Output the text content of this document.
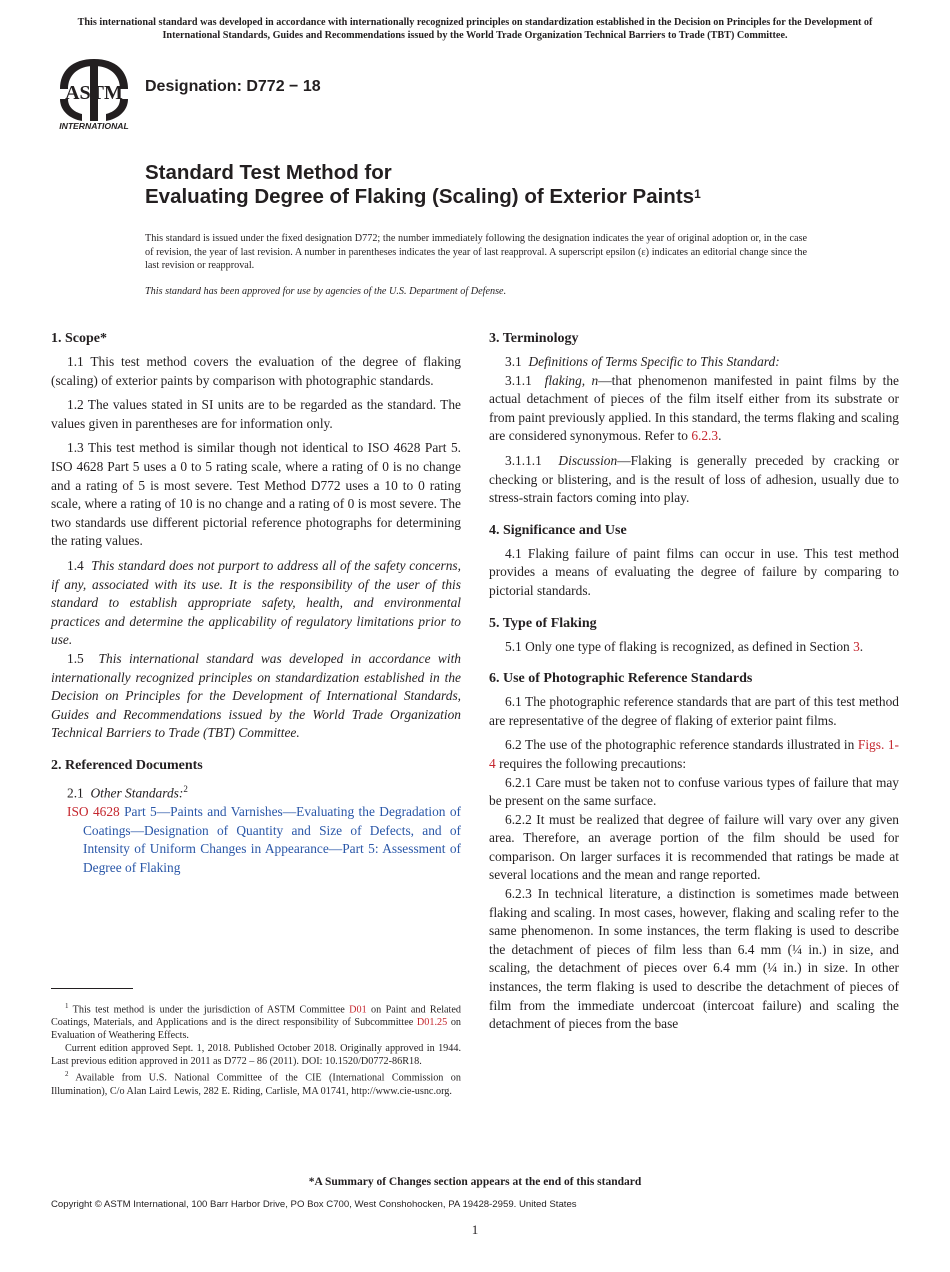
This international standard was developed in accordance with internationally recognized principles on standardization established in the Decision on Principles for the Development of International Standards, Guides and Recommendations issued by the World Trade Organization Technical Barriers to Trade (TBT) Committee.
ASTM
INTERNATIONAL
Designation: D772 − 18
Standard Test Method for
Evaluating Degree of Flaking (Scaling) of Exterior Paints$^1$
This standard is issued under the fixed designation D772; the number immediately following the designation indicates the year of original adoption or, in the case of revision, the year of last revision. A number in parentheses indicates the year of last reapproval. A superscript epsilon (ε) indicates an editorial change since the last revision or reapproval.
This standard has been approved for use by agencies of the U.S. Department of Defense.
1. Scope*

1.1 This test method covers the evaluation of the degree of flaking (scaling) of exterior paints by comparison with photographic standards.

1.2 The values stated in SI units are to be regarded as the standard. The values given in parentheses are for information only.

1.3 This test method is similar though not identical to ISO 4628 Part 5. ISO 4628 Part 5 uses a 0 to 5 rating scale, where a rating of 0 is no change and a rating of 5 is most severe. Test Method D772 uses a 10 to 0 rating scale, where a rating of 10 is no change and a rating of 0 is most severe. The two standards use different pictorial reference photographs for determining the rating values.

1.4 This standard does not purport to address all of the safety concerns, if any, associated with its use. It is the responsibility of the user of this standard to establish appropriate safety, health, and environmental practices and determine the applicability of regulatory limitations prior to use.

1.5 This international standard was developed in accordance with internationally recognized principles on standardization established in the Decision on Principles for the Development of International Standards, Guides and Recommendations issued by the World Trade Organization Technical Barriers to Trade (TBT) Committee.

2. Referenced Documents

2.1 Other Standards:$^2$

ISO 4628 Part 5—Paints and Varnishes—Evaluating the Degradation of Coatings—Designation of Quantity and Size of Defects, and of Intensity of Uniform Changes in Appearance—Part 5: Assessment of Degree of Flaking

$^1$ This test method is under the jurisdiction of ASTM Committee D01 on Paint and Related Coatings, Materials, and Applications and is the direct responsibility of Subcommittee D01.25 on Evaluation of Weathering Effects.

Current edition approved Sept. 1, 2018. Published October 2018. Originally approved in 1944. Last previous edition approved in 2011 as D772 – 86 (2011). DOI: 10.1520/D0772-86R18.

$^2$ Available from U.S. National Committee of the CIE (International Commission on Illumination), C/o Alan Laird Lewis, 282 E. Riding, Carlisle, MA 01741, http://www.cie-usnc.org.

3. Terminology

3.1 Definitions of Terms Specific to This Standard:

3.1.1 flaking, n—that phenomenon manifested in paint films by the actual detachment of pieces of the film itself either from its substrate or from paint previously applied. In this standard, the terms flaking and scaling are considered synonymous. Refer to 6.2.3.

3.1.1.1 Discussion—Flaking is generally preceded by cracking or checking or blistering, and is the result of loss of adhesion, usually due to stress-strain factors coming into play.

4. Significance and Use

4.1 Flaking failure of paint films can occur in use. This test method provides a means of evaluating the degree of failure by comparing to pictorial standards.

5. Type of Flaking

5.1 Only one type of flaking is recognized, as defined in Section 3.

6. Use of Photographic Reference Standards

6.1 The photographic reference standards that are part of this test method are representative of the degree of flaking of exterior paint films.

6.2 The use of the photographic reference standards illustrated in Figs. 1-4 requires the following precautions:

6.2.1 Care must be taken not to confuse various types of failure that may be present on the same surface.

6.2.2 It must be realized that degree of failure will vary over any given area. Therefore, an average portion of the film should be used for comparison. On larger surfaces it is recommended that ratings be made at several locations and the mean and range reported.

6.2.3 In technical literature, a distinction is sometimes made between flaking and scaling. In most cases, however, flaking and scaling refer to the same phenomenon. In some instances, the term flaking is used to describe the detachment of pieces of film less than 6.4 mm (¼ in.) in size, and scaling, the detachment of pieces over 6.4 mm (¼ in.) in size. In other instances, the term flaking is used to describe the detachment of pieces of film from the immediate undercoat (intercoat failure) and scaling the detachment of pieces from the base

*A Summary of Changes section appears at the end of this standard
Copyright © ASTM International, 100 Barr Harbor Drive, PO Box C700, West Conshohocken, PA 19428-2959. United States
1
